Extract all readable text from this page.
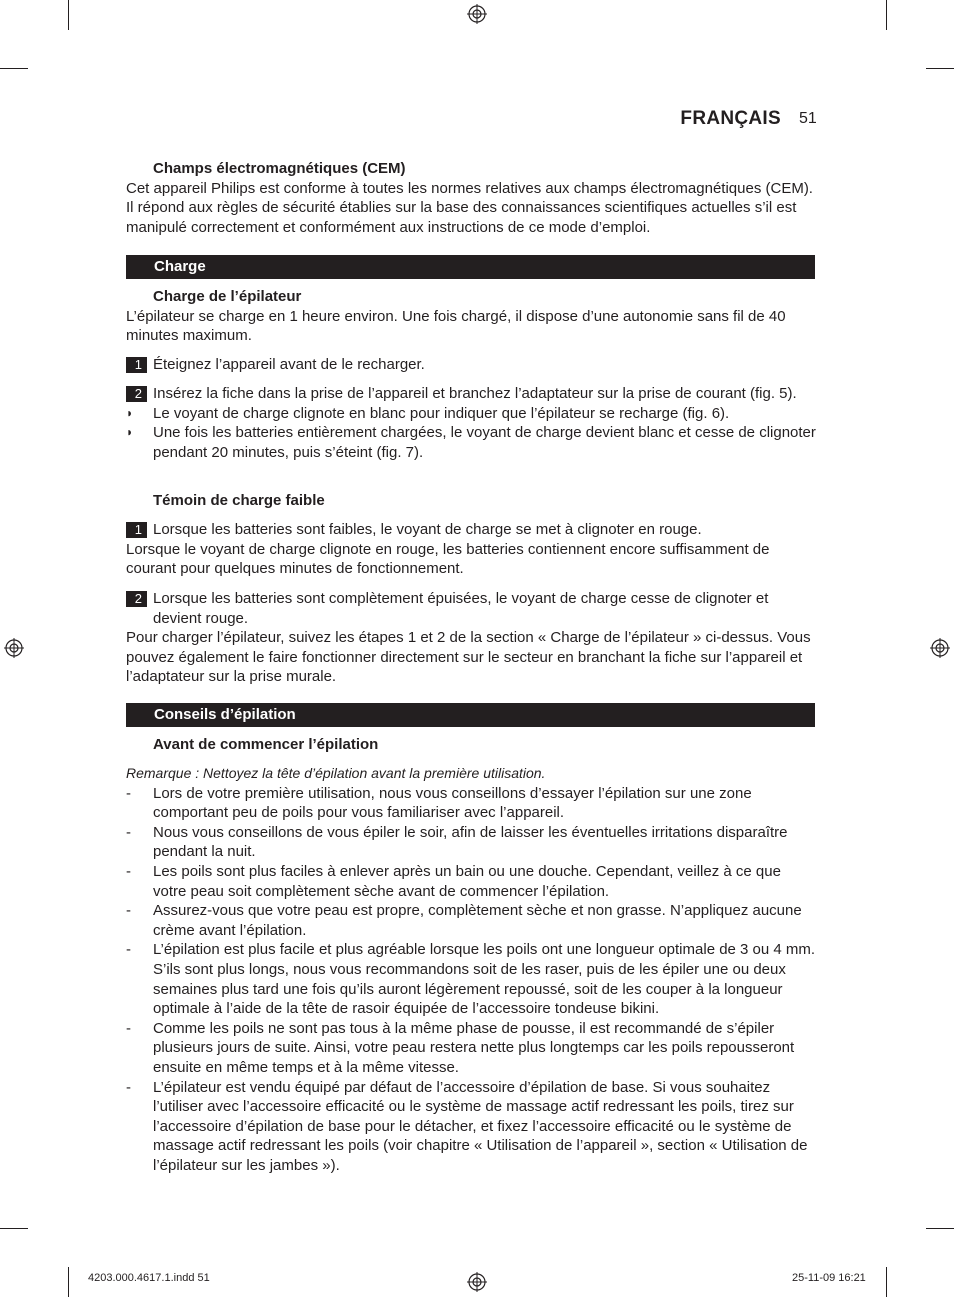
FRANÇAIS 51
Champs électromagnétiques (CEM)
Cet appareil Philips est conforme à toutes les normes relatives aux champs électromagnétiques (CEM). Il répond aux règles de sécurité établies sur la base des connaissances scientifiques actuelles s’il est manipulé correctement et conformément aux instructions de ce mode d’emploi.
Charge
Charge de l’épilateur
L’épilateur se charge en 1 heure environ. Une fois chargé, il dispose d’une autonomie sans fil de 40 minutes maximum.
1 Éteignez l’appareil avant de le recharger.
2 Insérez la fiche dans la prise de l’appareil et branchez l’adaptateur sur la prise de courant (fig. 5).
◗ Le voyant de charge clignote en blanc pour indiquer que l’épilateur se recharge (fig. 6).
◗ Une fois les batteries entièrement chargées, le voyant de charge devient blanc et cesse de clignoter pendant 20 minutes, puis s’éteint (fig. 7).
Témoin de charge faible
1 Lorsque les batteries sont faibles, le voyant de charge se met à clignoter en rouge.
Lorsque le voyant de charge clignote en rouge, les batteries contiennent encore suffisamment de courant pour quelques minutes de fonctionnement.
2 Lorsque les batteries sont complètement épuisées, le voyant de charge cesse de clignoter et devient rouge.
Pour charger l’épilateur, suivez les étapes 1 et 2 de la section « Charge de l’épilateur » ci-dessus. Vous pouvez également le faire fonctionner directement sur le secteur en branchant la fiche sur l’appareil et l’adaptateur sur la prise murale.
Conseils d’épilation
Avant de commencer l’épilation
Remarque : Nettoyez la tête d’épilation avant la première utilisation.
- Lors de votre première utilisation, nous vous conseillons d’essayer l’épilation sur une zone comportant peu de poils pour vous familiariser avec l’appareil.
- Nous vous conseillons de vous épiler le soir, afin de laisser les éventuelles irritations disparaître pendant la nuit.
- Les poils sont plus faciles à enlever après un bain ou une douche. Cependant, veillez à ce que votre peau soit complètement sèche avant de commencer l’épilation.
- Assurez-vous que votre peau est propre, complètement sèche et non grasse. N’appliquez aucune crème avant l’épilation.
- L’épilation est plus facile et plus agréable lorsque les poils ont une longueur optimale de 3 ou 4 mm. S’ils sont plus longs, nous vous recommandons soit de les raser, puis de les épiler une ou deux semaines plus tard une fois qu’ils auront légèrement repoussé, soit de les couper à la longueur optimale à l’aide de la tête de rasoir équipée de l’accessoire tondeuse bikini.
- Comme les poils ne sont pas tous à la même phase de pousse, il est recommandé de s’épiler plusieurs jours de suite. Ainsi, votre peau restera nette plus longtemps car les poils repousseront ensuite en même temps et à la même vitesse.
- L’épilateur est vendu équipé par défaut de l’accessoire d’épilation de base. Si vous souhaitez l’utiliser avec l’accessoire efficacité ou le système de massage actif redressant les poils, tirez sur l’accessoire d’épilation de base pour le détacher, et fixez l’accessoire efficacité ou le système de massage actif redressant les poils (voir chapitre « Utilisation de l’appareil », section « Utilisation de l’épilateur sur les jambes »).
4203.000.4617.1.indd 51	25-11-09 16:21
